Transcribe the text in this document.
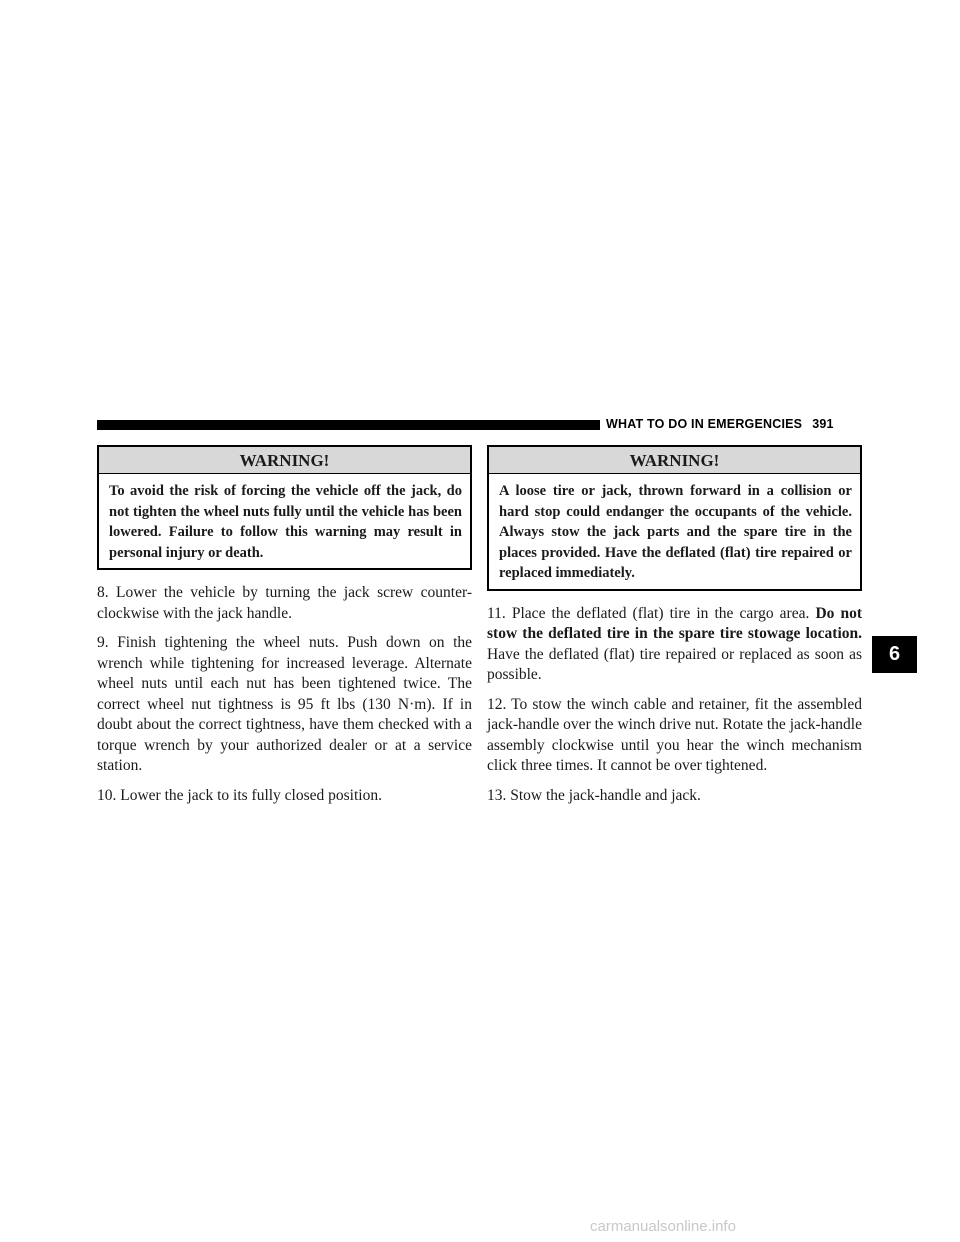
WHAT TO DO IN EMERGENCIES 391
WARNING!
To avoid the risk of forcing the vehicle off the jack, do not tighten the wheel nuts fully until the vehicle has been lowered. Failure to follow this warning may result in personal injury or death.

8. Lower the vehicle by turning the jack screw counter-clockwise with the jack handle.

9. Finish tightening the wheel nuts. Push down on the wrench while tightening for increased leverage. Alternate wheel nuts until each nut has been tightened twice. The correct wheel nut tightness is 95 ft lbs (130 N·m). If in doubt about the correct tightness, have them checked with a torque wrench by your authorized dealer or at a service station.

10. Lower the jack to its fully closed position.

WARNING!
A loose tire or jack, thrown forward in a collision or hard stop could endanger the occupants of the vehicle. Always stow the jack parts and the spare tire in the places provided. Have the deflated (flat) tire repaired or replaced immediately.

11. Place the deflated (flat) tire in the cargo area. Do not stow the deflated tire in the spare tire stowage location. Have the deflated (flat) tire repaired or replaced as soon as possible.

12. To stow the winch cable and retainer, fit the assembled jack-handle over the winch drive nut. Rotate the jack-handle assembly clockwise until you hear the winch mechanism click three times. It cannot be over tightened.

13. Stow the jack-handle and jack.

6
carmanualsonline.info
